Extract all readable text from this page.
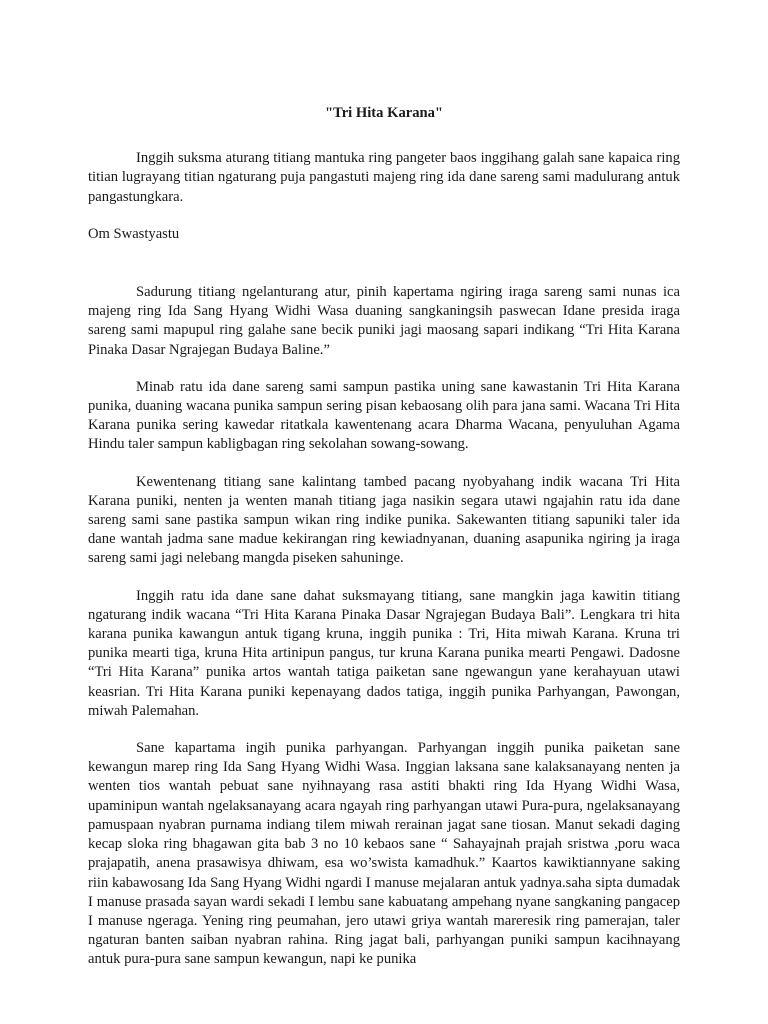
"Tri Hita Karana"

Inggih suksma aturang titiang mantuka ring pangeter baos inggihang galah sane kapaica ring titian lugrayang titian ngaturang puja pangastuti majeng ring ida dane sareng sami madulurang antuk pangastungkara.

Om Swastyastu

Sadurung titiang ngelanturang atur, pinih kapertama ngiring iraga sareng sami nunas ica majeng ring Ida Sang Hyang Widhi Wasa duaning sangkaningsih paswecan Idane presida iraga sareng sami mapupul ring galahe sane becik puniki jagi maosang sapari indikang “Tri Hita Karana Pinaka Dasar Ngrajegan Budaya Baline.”

Minab ratu ida dane sareng sami sampun pastika uning sane kawastanin Tri Hita Karana punika, duaning wacana punika sampun sering pisan kebaosang olih para jana sami. Wacana Tri Hita Karana punika sering kawedar ritatkala kawentenang acara Dharma Wacana, penyuluhan Agama Hindu taler sampun kabligbagan ring sekolahan sowang-sowang.

Kewentenang titiang sane kalintang tambed pacang nyobyahang indik wacana Tri Hita Karana puniki, nenten ja wenten manah titiang jaga nasikin segara utawi ngajahin ratu ida dane sareng sami sane pastika sampun wikan ring indike punika. Sakewanten titiang sapuniki taler ida dane wantah jadma sane madue kekirangan ring kewiadnyanan, duaning asapunika ngiring ja iraga sareng sami jagi nelebang mangda piseken sahuninge.

Inggih ratu ida dane sane dahat suksmayang titiang, sane mangkin jaga kawitin titiang ngaturang indik wacana “Tri Hita Karana Pinaka Dasar Ngrajegan Budaya Bali”. Lengkara tri hita karana punika kawangun antuk tigang kruna, inggih punika : Tri, Hita miwah Karana. Kruna tri punika mearti tiga, kruna Hita artinipun pangus, tur kruna Karana punika mearti Pengawi. Dadosne “Tri Hita Karana” punika artos wantah tatiga paiketan sane ngewangun yane kerahayuan utawi keasrian. Tri Hita Karana puniki kepenayang dados tatiga, inggih punika Parhyangan, Pawongan, miwah Palemahan.

Sane kapartama ingih punika parhyangan. Parhyangan inggih punika paiketan sane kewangun marep ring Ida Sang Hyang Widhi Wasa. Inggian laksana sane kalaksanayang nenten ja wenten tios wantah pebuat sane nyihnayang rasa astiti bhakti ring Ida Hyang Widhi Wasa, upaminipun wantah ngelaksanayang acara ngayah ring parhyangan utawi Pura-pura, ngelaksanayang pamuspaan nyabran purnama indiang tilem miwah rerainan jagat sane tiosan. Manut sekadi daging kecap sloka ring bhagawan gita bab 3 no 10 kebaos sane “ Sahayajnah prajah sristwa ,poru waca prajapatih, anena prasawisya dhiwam, esa wo’swista kamadhuk.” Kaartos kawiktiannyane saking riin kabawosang Ida Sang Hyang Widhi ngardi I manuse mejalaran antuk yadnya.saha sipta dumadak I manuse prasada sayan wardi sekadi I lembu sane kabuatang ampehang nyane sangkaning pangacep I manuse ngeraga. Yening ring peumahan, jero utawi griya wantah mareresik ring pamerajan, taler ngaturan banten saiban nyabran rahina. Ring jagat bali, parhyangan puniki sampun kacihnayang antuk pura-pura sane sampun kewangun, napi ke punika
